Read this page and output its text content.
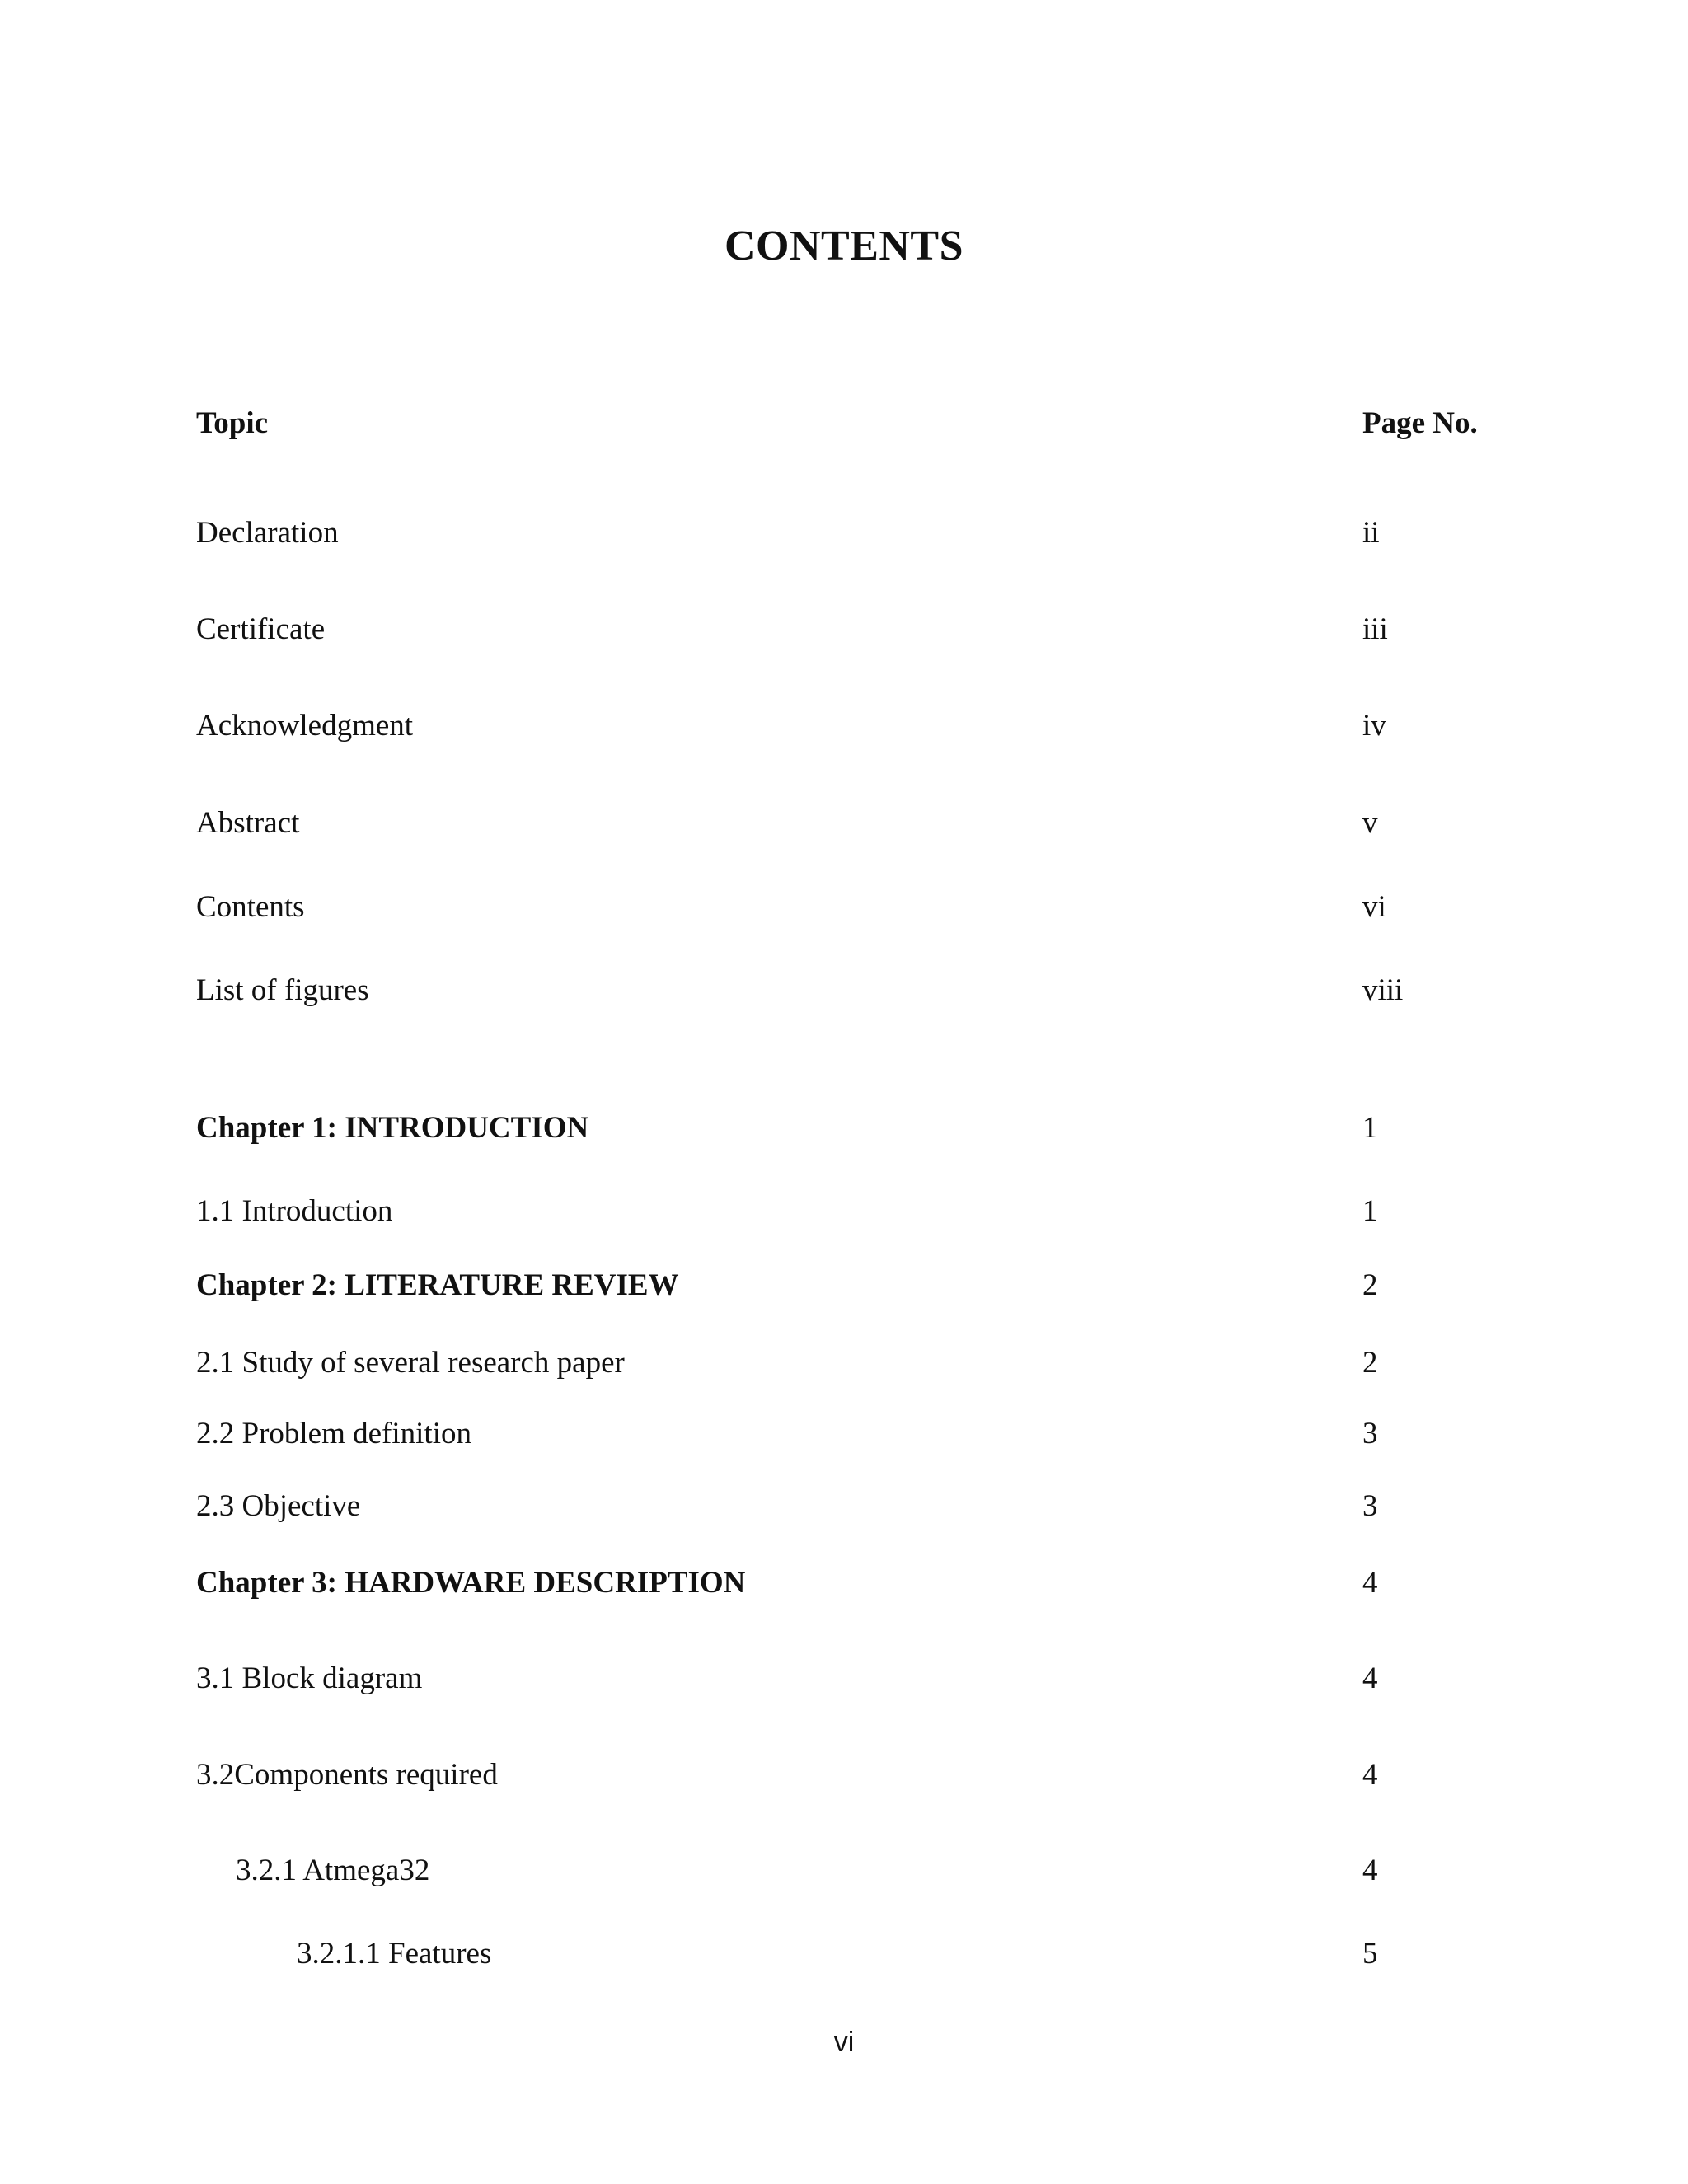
CONTENTS
Topic	Page No.
Declaration	ii
Certificate	iii
Acknowledgment	iv
Abstract	v
Contents	vi
List of figures	viii
Chapter 1: INTRODUCTION	1
1.1 Introduction	1
Chapter 2: LITERATURE REVIEW	2
2.1 Study of several research paper	2
2.2 Problem definition	3
2.3 Objective	3
Chapter 3: HARDWARE DESCRIPTION	4
3.1 Block diagram	4
3.2Components required	4
3.2.1 Atmega32	4
3.2.1.1 Features	5
vi
